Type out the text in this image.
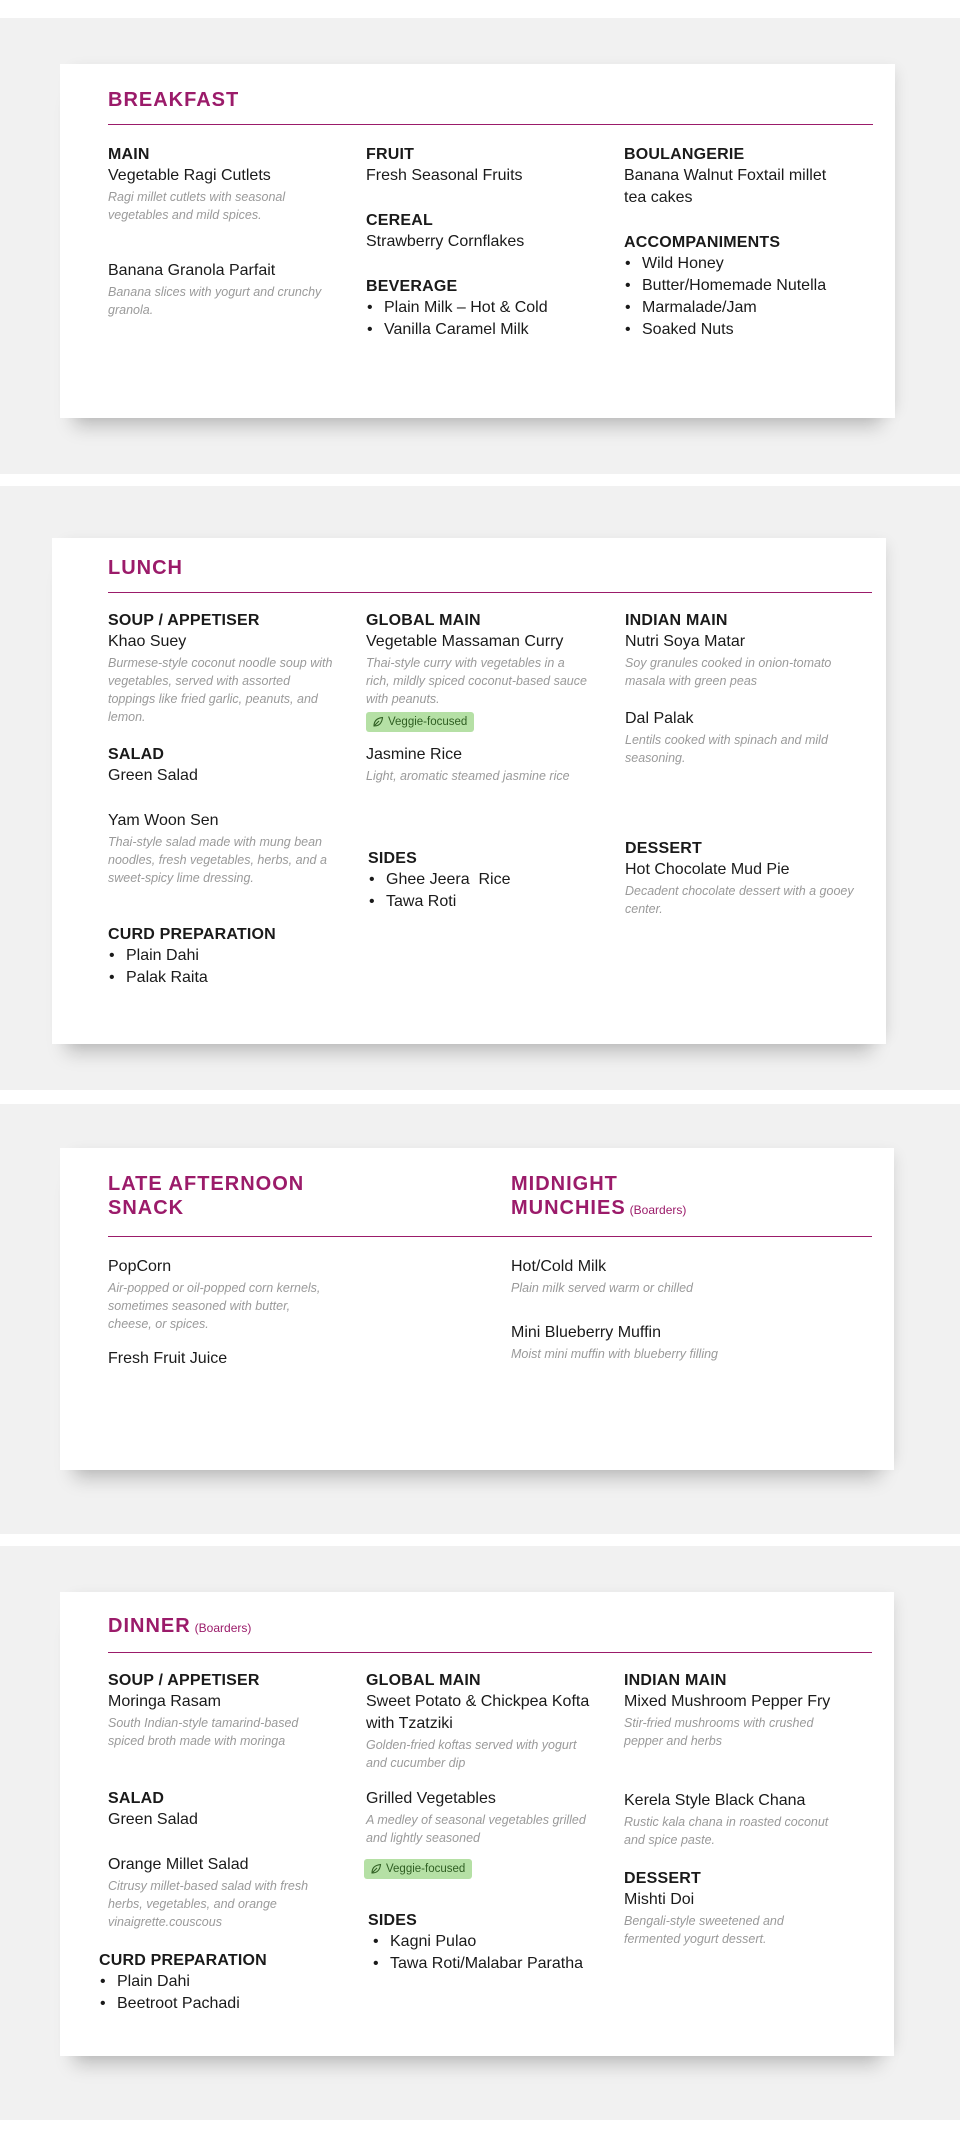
BREAKFAST
MAIN
Vegetable Ragi Cutlets
Ragi millet cutlets with seasonal vegetables and mild spices.
Banana Granola Parfait
Banana slices with yogurt and crunchy granola.
FRUIT
Fresh Seasonal Fruits
CEREAL
Strawberry Cornflakes
BEVERAGE
• Plain Milk – Hot & Cold
• Vanilla Caramel Milk
BOULANGERIE
Banana Walnut Foxtail millet tea cakes
ACCOMPANIMENTS
• Wild Honey
• Butter/Homemade Nutella
• Marmalade/Jam
• Soaked Nuts
LUNCH
SOUP / APPETISER
Khao Suey
Burmese-style coconut noodle soup with vegetables, served with assorted toppings like fried garlic, peanuts, and lemon.
SALAD
Green Salad
Yam Woon Sen
Thai-style salad made with mung bean noodles, fresh vegetables, herbs, and a sweet-spicy lime dressing.
CURD PREPARATION
• Plain Dahi
• Palak Raita
GLOBAL MAIN
Vegetable Massaman Curry
Thai-style curry with vegetables in a rich, mildly spiced coconut-based sauce with peanuts.
Veggie-focused
Jasmine Rice
Light, aromatic steamed jasmine rice
SIDES
• Ghee Jeera  Rice
• Tawa Roti
INDIAN MAIN
Nutri Soya Matar
Soy granules cooked in onion-tomato masala with green peas
Dal Palak
Lentils cooked with spinach and mild seasoning.
DESSERT
Hot Chocolate Mud Pie
Decadent chocolate dessert with a gooey center.
LATE AFTERNOON
SNACK
MIDNIGHT
MUNCHIES (Boarders)
PopCorn
Air-popped or oil-popped corn kernels, sometimes seasoned with butter, cheese, or spices.
Fresh Fruit Juice
Hot/Cold Milk
Plain milk served warm or chilled
Mini Blueberry Muffin
Moist mini muffin with blueberry filling
DINNER (Boarders)
SOUP / APPETISER
Moringa Rasam
South Indian-style tamarind-based spiced broth made with moringa
SALAD
Green Salad
Orange Millet Salad
Citrusy millet-based salad with fresh herbs, vegetables, and orange vinaigrette.couscous
CURD PREPARATION
• Plain Dahi
• Beetroot Pachadi
GLOBAL MAIN
Sweet Potato & Chickpea Kofta with Tzatziki
Golden-fried koftas served with yogurt and cucumber dip
Grilled Vegetables
A medley of seasonal vegetables grilled and lightly seasoned
Veggie-focused
SIDES
• Kagni Pulao
• Tawa Roti/Malabar Paratha
INDIAN MAIN
Mixed Mushroom Pepper Fry
Stir-fried mushrooms with crushed pepper and herbs
Kerela Style Black Chana
Rustic kala chana in roasted coconut and spice paste.
DESSERT
Mishti Doi
Bengali-style sweetened and fermented yogurt dessert.
